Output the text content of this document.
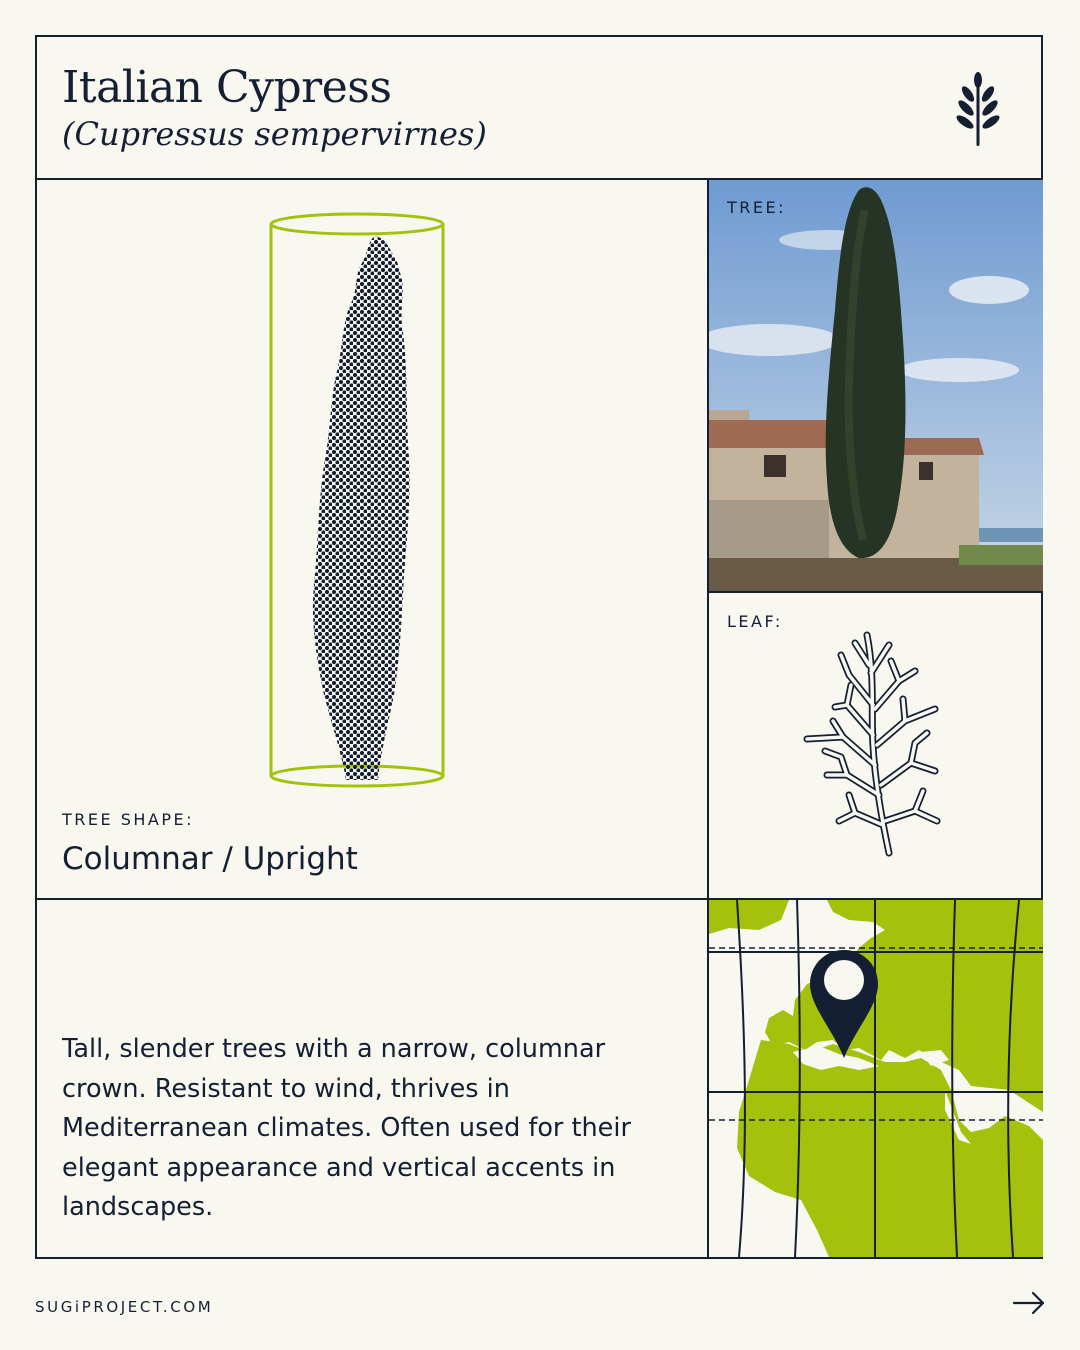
Italian Cypress
(Cupressus sempervirnes)
TREE SHAPE:
Columnar / Upright
TREE:
LEAF:

Tall, slender trees with a narrow, columnar crown. Resistant to wind, thrives in Mediterranean climates. Often used for their elegant appearance and vertical accents in landscapes.

SUGiPROJECT.COM
